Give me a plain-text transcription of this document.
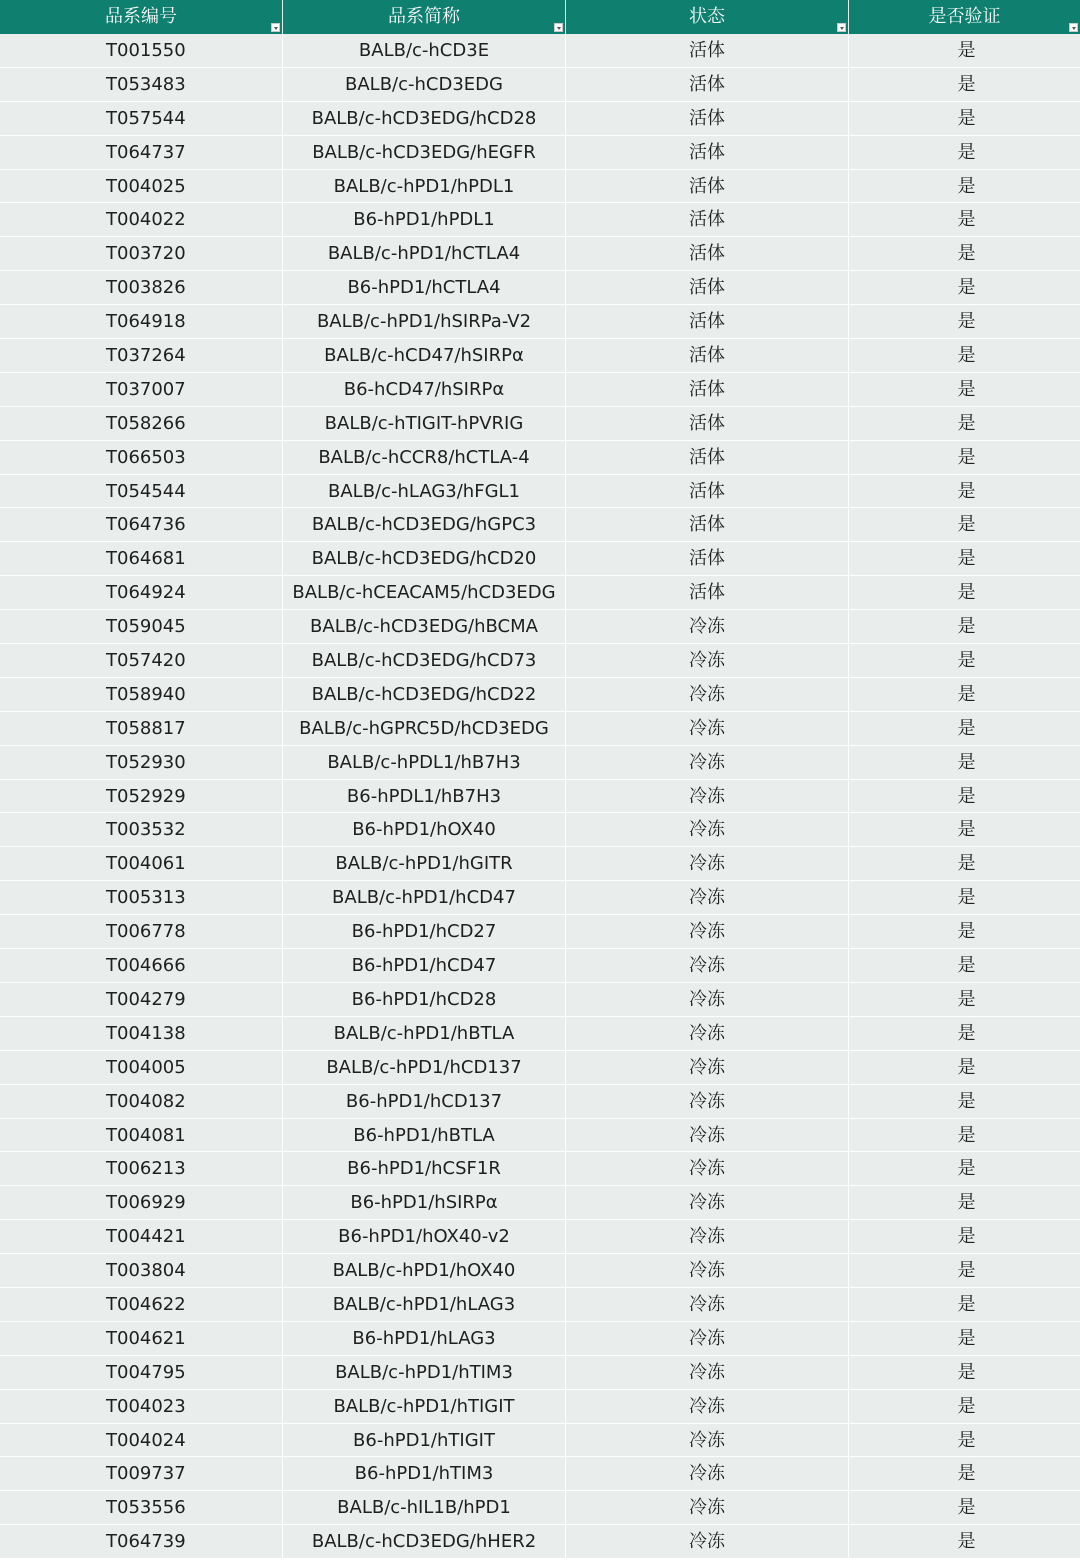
品系编号	品系简称	状态	是否验证
T001550	BALB/c-hCD3E	活体	是
T053483	BALB/c-hCD3EDG	活体	是
T057544	BALB/c-hCD3EDG/hCD28	活体	是
T064737	BALB/c-hCD3EDG/hEGFR	活体	是
T004025	BALB/c-hPD1/hPDL1	活体	是
T004022	B6-hPD1/hPDL1	活体	是
T003720	BALB/c-hPD1/hCTLA4	活体	是
T003826	B6-hPD1/hCTLA4	活体	是
T064918	BALB/c-hPD1/hSIRPa-V2	活体	是
T037264	BALB/c-hCD47/hSIRPα	活体	是
T037007	B6-hCD47/hSIRPα	活体	是
T058266	BALB/c-hTIGIT-hPVRIG	活体	是
T066503	BALB/c-hCCR8/hCTLA-4	活体	是
T054544	BALB/c-hLAG3/hFGL1	活体	是
T064736	BALB/c-hCD3EDG/hGPC3	活体	是
T064681	BALB/c-hCD3EDG/hCD20	活体	是
T064924	BALB/c-hCEACAM5/hCD3EDG	活体	是
T059045	BALB/c-hCD3EDG/hBCMA	冷冻	是
T057420	BALB/c-hCD3EDG/hCD73	冷冻	是
T058940	BALB/c-hCD3EDG/hCD22	冷冻	是
T058817	BALB/c-hGPRC5D/hCD3EDG	冷冻	是
T052930	BALB/c-hPDL1/hB7H3	冷冻	是
T052929	B6-hPDL1/hB7H3	冷冻	是
T003532	B6-hPD1/hOX40	冷冻	是
T004061	BALB/c-hPD1/hGITR	冷冻	是
T005313	BALB/c-hPD1/hCD47	冷冻	是
T006778	B6-hPD1/hCD27	冷冻	是
T004666	B6-hPD1/hCD47	冷冻	是
T004279	B6-hPD1/hCD28	冷冻	是
T004138	BALB/c-hPD1/hBTLA	冷冻	是
T004005	BALB/c-hPD1/hCD137	冷冻	是
T004082	B6-hPD1/hCD137	冷冻	是
T004081	B6-hPD1/hBTLA	冷冻	是
T006213	B6-hPD1/hCSF1R	冷冻	是
T006929	B6-hPD1/hSIRPα	冷冻	是
T004421	B6-hPD1/hOX40-v2	冷冻	是
T003804	BALB/c-hPD1/hOX40	冷冻	是
T004622	BALB/c-hPD1/hLAG3	冷冻	是
T004621	B6-hPD1/hLAG3	冷冻	是
T004795	BALB/c-hPD1/hTIM3	冷冻	是
T004023	BALB/c-hPD1/hTIGIT	冷冻	是
T004024	B6-hPD1/hTIGIT	冷冻	是
T009737	B6-hPD1/hTIM3	冷冻	是
T053556	BALB/c-hIL1B/hPD1	冷冻	是
T064739	BALB/c-hCD3EDG/hHER2	冷冻	是
